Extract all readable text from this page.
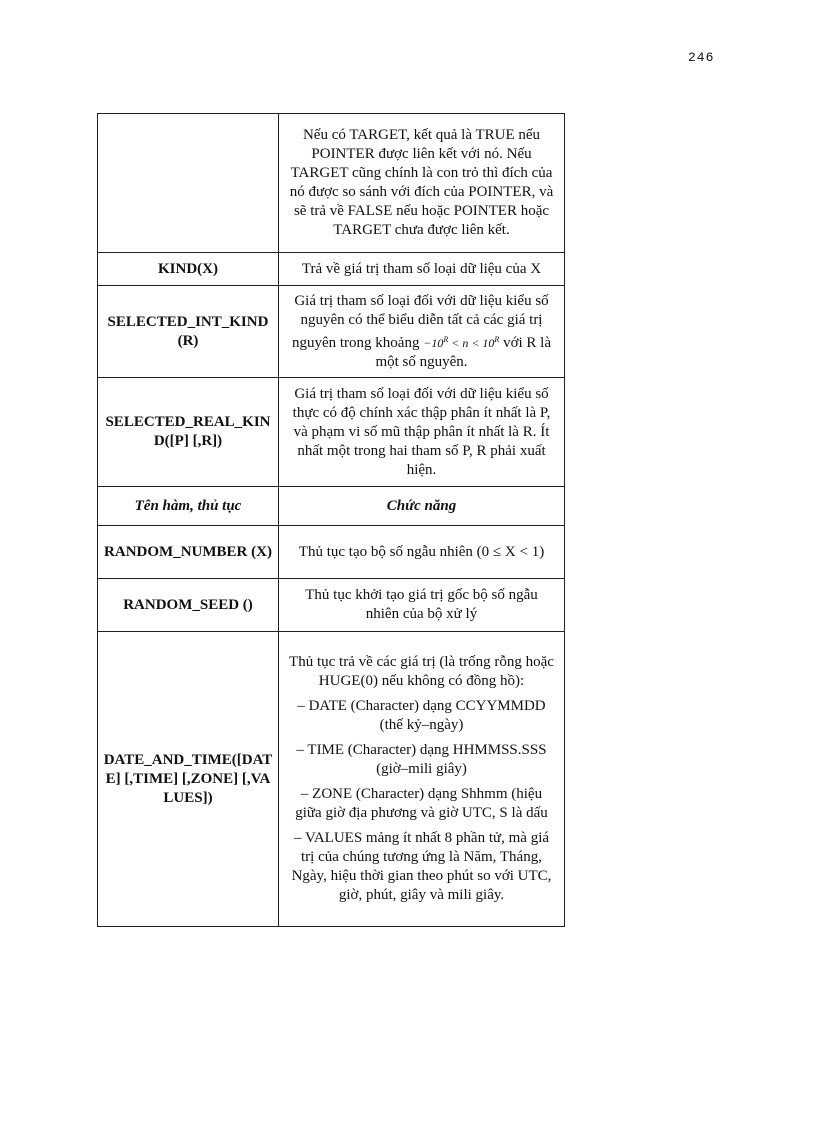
246

	Nếu có TARGET, kết quả là TRUE nếu POINTER được liên kết với nó. Nếu TARGET cũng chính là con trỏ thì đích của nó được so sánh với đích của POINTER, và sẽ trả về FALSE nếu hoặc POINTER hoặc TARGET chưa được liên kết.

KIND(X)	Trả về giá trị tham số loại dữ liệu của X

SELECTED_INT_KIND(R)	Giá trị tham số loại đối với dữ liệu kiểu số nguyên có thể biểu diễn tất cả các giá trị nguyên trong khoảng $-10^R < n < 10^R$ với R là một số nguyên.
SELECTED_REAL_KIND([P] [,R])	Giá trị tham số loại đối với dữ liệu kiểu số thực có độ chính xác thập phân ít nhất là P, và phạm vi số mũ thập phân ít nhất là R. Ít nhất một trong hai tham số P, R phải xuất hiện.

Tên hàm, thủ tục	Chức năng
RANDOM_NUMBER (X)	Thủ tục tạo bộ số ngẫu nhiên (0 ≤ X < 1)

RANDOM_SEED ()	Thủ tục khởi tạo giá trị gốc bộ số ngẫu nhiên của bộ xử lý

DATE_AND_TIME([DATE] [,TIME] [,ZONE] [,VALUES])	Thủ tục trả về các giá trị (là trống rỗng hoặc HUGE(0) nếu không có đồng hồ):

– DATE (Character) dạng CCYYMMDD (thế kỷ–ngày)

– TIME (Character) dạng HHMMSS.SSS (giờ–mili giây)

– ZONE (Character) dạng Shhmm (hiệu giữa giờ địa phương và giờ UTC, S là dấu

– VALUES mảng ít nhất 8 phần tử, mà giá trị của chúng tương ứng là Năm, Tháng, Ngày, hiệu thời gian theo phút so với UTC, giờ, phút, giây và mili giây.
